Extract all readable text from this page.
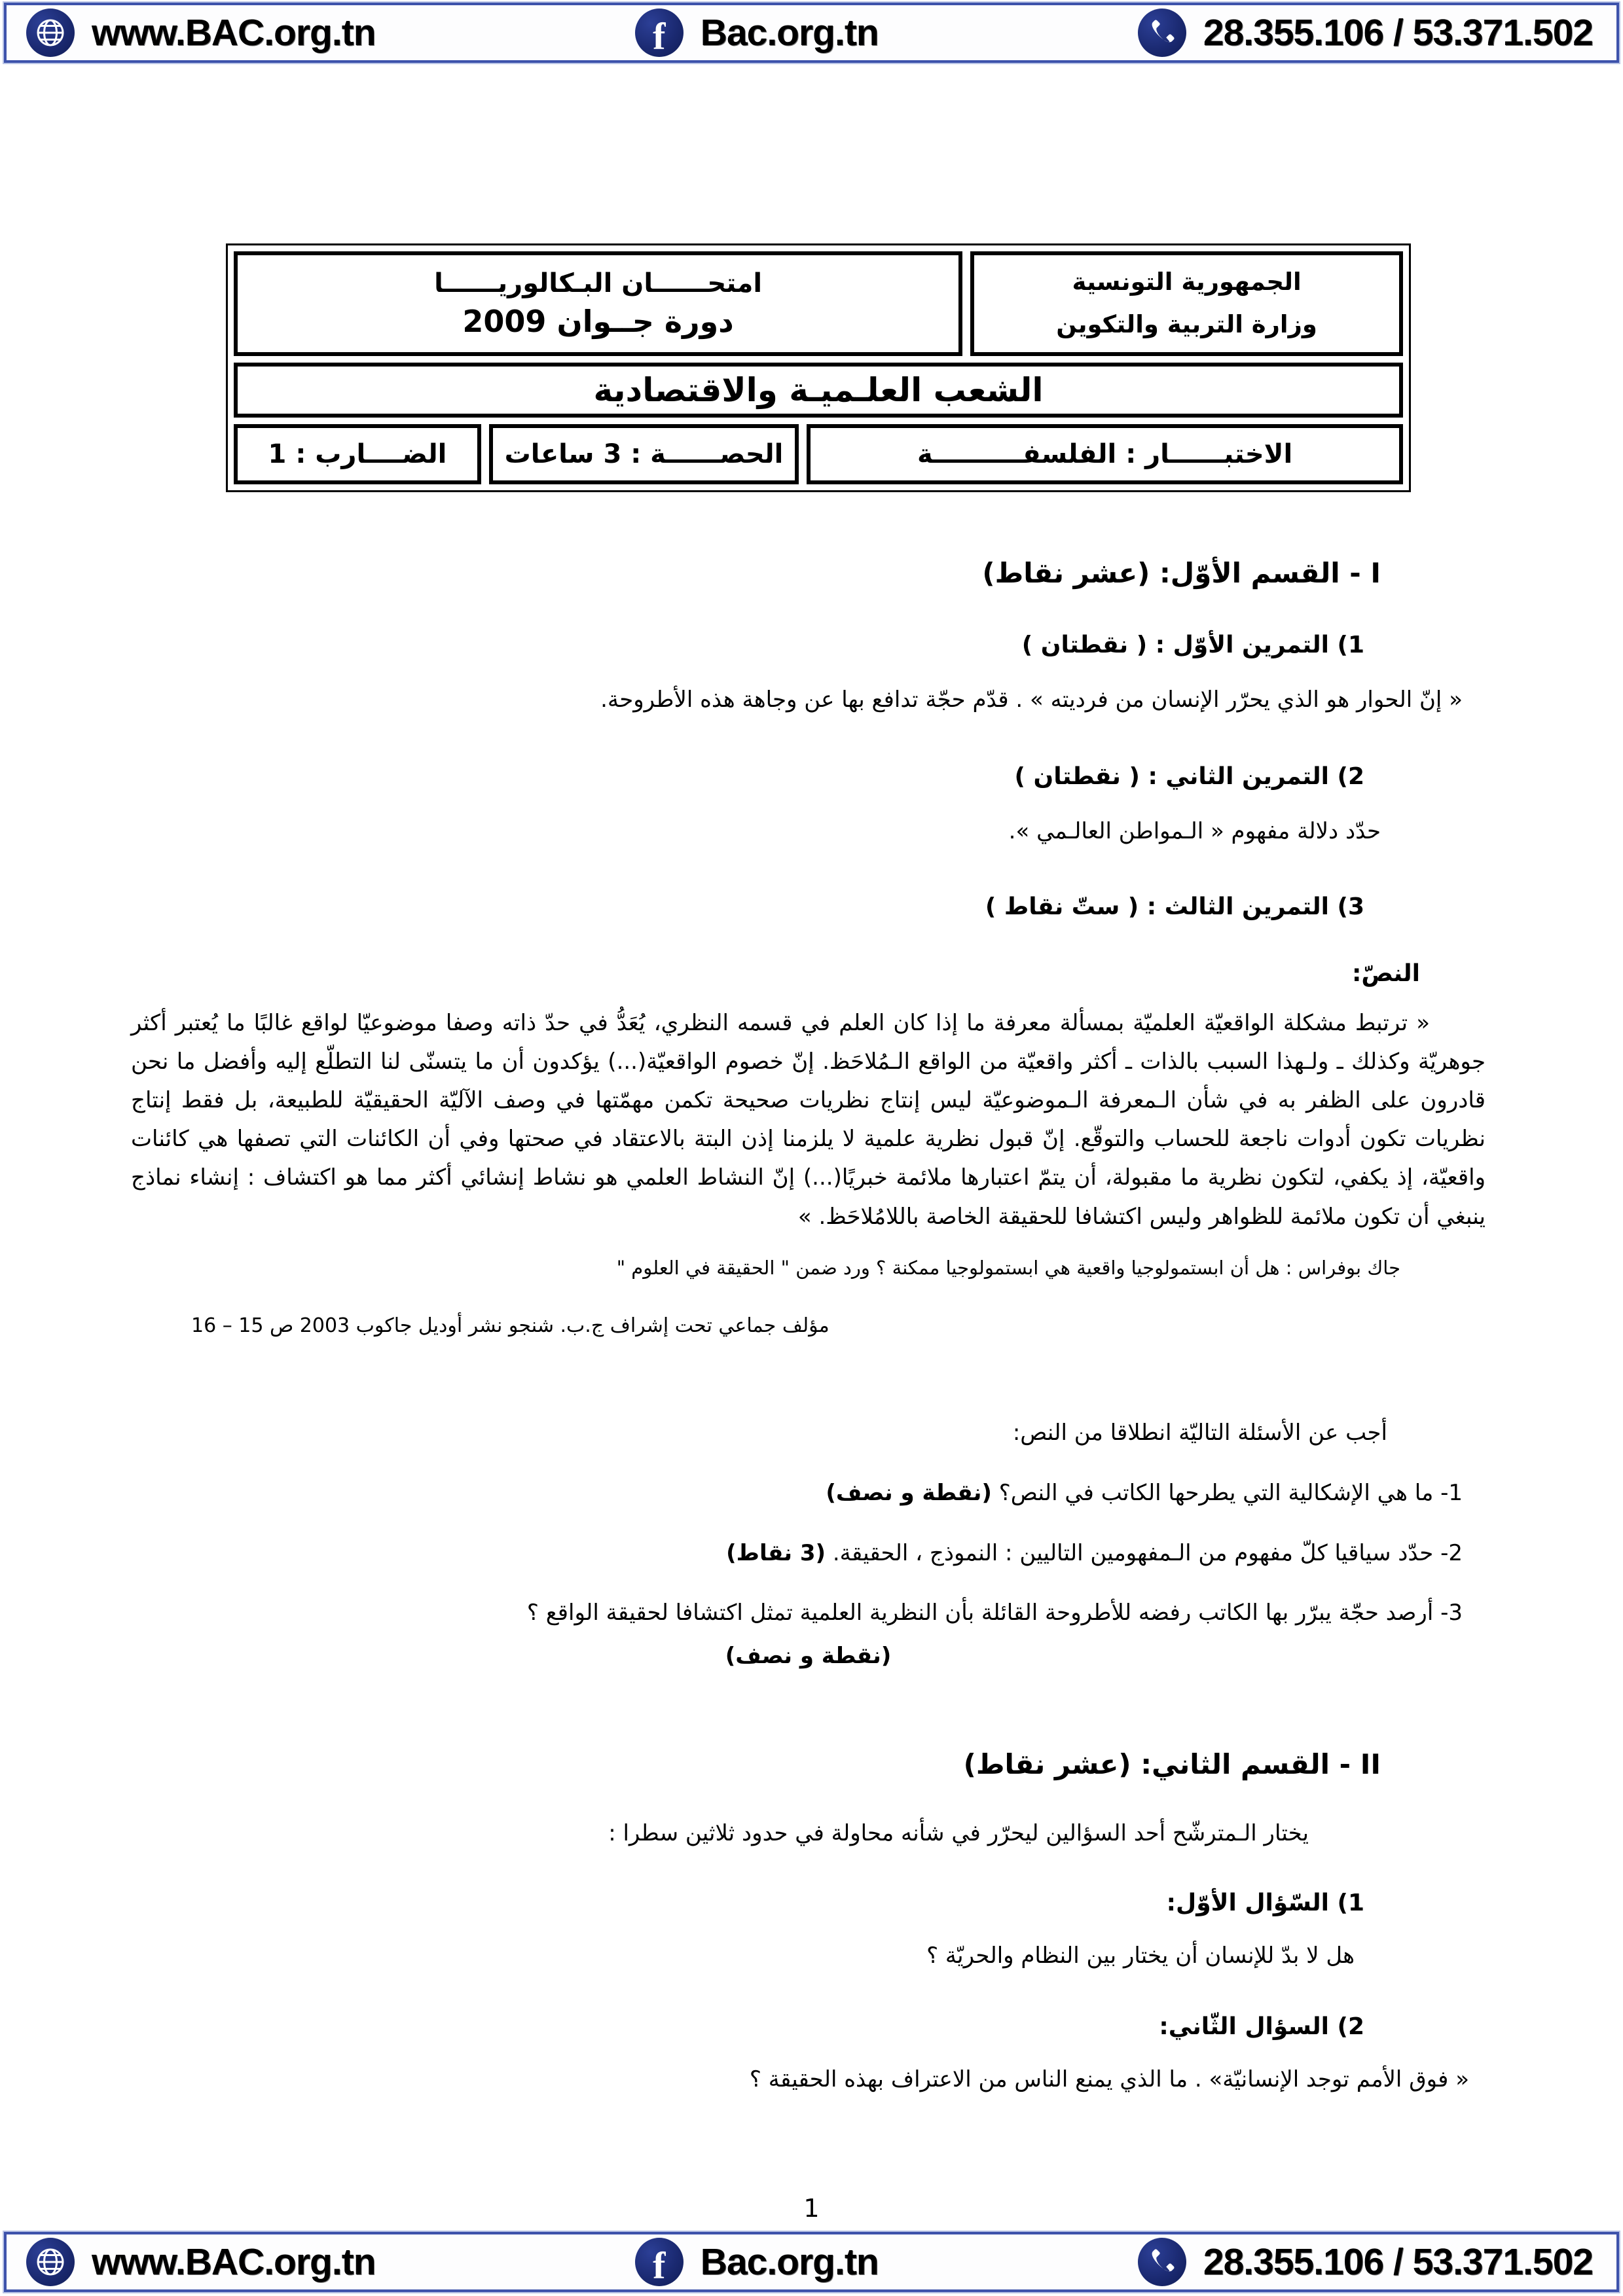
www.BAC.org.tn	f Bac.org.tn	28.355.106 / 53.371.502
الجمهورية التونسية
وزارة التربية والتكوين
امتحــــــان البـكالوريــــــا
دورة جــوان 2009
الشعب العلـميـة والاقتصادية
الاختبــــــار : الفلسفــــــــــة
الحصــــــة : 3 ساعات
الضــــارب : 1
I - القسم الأوّل: (عشر نقاط)
1) التمرين الأوّل : ( نقطتان )
« إنّ الحوار هو الذي يحرّر الإنسان من فرديته » . قدّم حجّة تدافع بها عن وجاهة هذه الأطروحة.
2) التمرين الثاني : ( نقطتان )
حدّد دلالة مفهوم « الـمواطن العالـمي ».
3) التمرين الثالث : ( ستّ نقاط )
النصّ:
« ترتبط مشكلة الواقعيّة العلميّة بمسألة معرفة ما إذا كان العلم في قسمه النظري، يُعَدُّ في حدّ ذاته وصفا موضوعيّا لواقع غالبًا ما يُعتبر أكثر جوهريّة وكذلك ـ ولـهذا السبب بالذات ـ أكثر واقعيّة من الواقع الـمُلاحَظ. إنّ خصوم الواقعيّة(...) يؤكدون أن ما يتسنّى لنا التطلّع إليه وأفضل ما نحن قادرون على الظفر به في شأن الـمعرفة الـموضوعيّة ليس إنتاج نظريات صحيحة تكمن مهمّتها في وصف الآليّة الحقيقيّة للطبيعة، بل فقط إنتاج نظريات تكون أدوات ناجعة للحساب والتوقّع. إنّ قبول نظرية علمية لا يلزمنا إذن البتة بالاعتقاد في صحتها وفي أن الكائنات التي تصفها هي كائنات واقعيّة، إذ يكفي، لتكون نظرية ما مقبولة، أن يتمّ اعتبارها ملائمة خبريًا(...) إنّ النشاط العلمي هو نشاط إنشائي أكثر مما هو اكتشاف : إنشاء نماذج ينبغي أن تكون ملائمة للظواهر وليس اكتشافا للحقيقة الخاصة باللامُلاحَظ. »
جاك بوفراس : هل أن ابستمولوجيا واقعية هي ابستمولوجيا ممكنة ؟ ورد ضمن " الحقيقة في العلوم "
مؤلف جماعي تحت إشراف ج.ب. شنجو نشر أوديل جاكوب 2003 ص 15 – 16
أجب عن الأسئلة التاليّة انطلاقا من النص:
1- ما هي الإشكالية التي يطرحها الكاتب في النص؟ (نقطة و نصف)
2- حدّد سياقيا كلّ مفهوم من الـمفهومين التاليين : النموذج ، الحقيقة. (3 نقاط)
3- أرصد حجّة يبرّر بها الكاتب رفضه للأطروحة القائلة بأن النظرية العلمية تمثل اكتشافا لحقيقة الواقع ؟
(نقطة و نصف)
II - القسم الثاني: (عشر نقاط)
يختار الـمترشّح أحد السؤالين ليحرّر في شأنه محاولة في حدود ثلاثين سطرا :
1) السّؤال الأوّل:
هل لا بدّ للإنسان أن يختار بين النظام والحريّة ؟
2) السؤال الثّاني:
« فوق الأمم توجد الإنسانيّة» . ما الذي يمنع الناس من الاعتراف بهذه الحقيقة ؟
1
www.BAC.org.tn	f Bac.org.tn	28.355.106 / 53.371.502
